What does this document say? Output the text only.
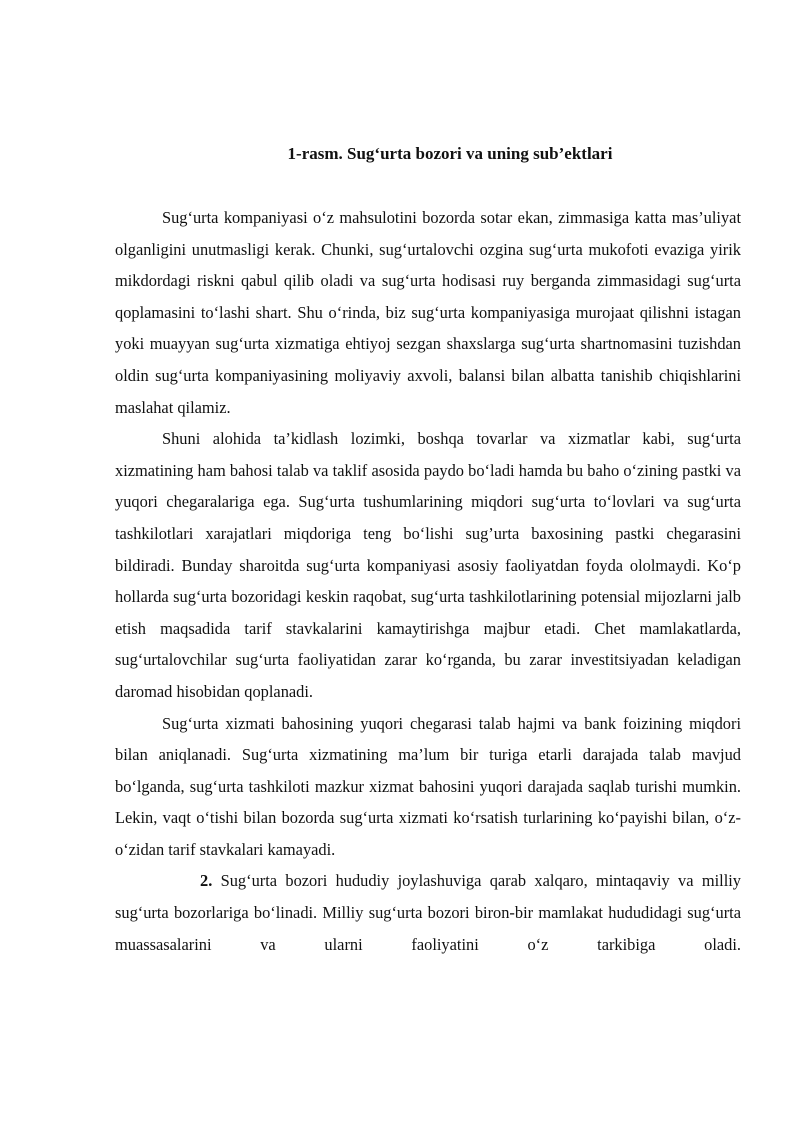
1-rasm. Sug‘urta bozori va uning sub’ektlari

Sug‘urta kompaniyasi o‘z mahsulotini bozorda sotar ekan, zimmasiga katta mas’uliyat olganligini unutmasligi kerak. Chunki, sug‘urtalovchi ozgina sug‘urta mukofoti evaziga yirik mikdordagi riskni qabul qilib oladi va sug‘urta hodisasi ruy berganda zimmasidagi sug‘urta qoplamasini to‘lashi shart. Shu o‘rinda, biz sug‘urta kompaniyasiga murojaat qilishni istagan yoki muayyan sug‘urta xizmatiga ehtiyoj sezgan shaxslarga sug‘urta shartnomasini tuzishdan oldin sug‘urta kompaniyasining moliyaviy axvoli, balansi bilan albatta tanishib chiqishlarini maslahat qilamiz.

Shuni alohida ta’kidlash lozimki, boshqa tovarlar va xizmatlar kabi, sug‘urta xizmatining ham bahosi talab va taklif asosida paydo bo‘ladi hamda bu baho o‘zining pastki va yuqori chegaralariga ega. Sug‘urta tushumlarining miqdori sug‘urta to‘lovlari va sug‘urta tashkilotlari xarajatlari miqdoriga teng bo‘lishi sug’urta baxosining pastki chegarasini bildiradi. Bunday sharoitda sug‘urta kompaniyasi asosiy faoliyatdan foyda ololmaydi. Ko‘p hollarda sug‘urta bozoridagi keskin raqobat, sug‘urta tashkilotlarining potensial mijozlarni jalb etish maqsadida tarif stavkalarini kamaytirishga majbur etadi. Chet mamlakatlarda, sug‘urtalovchilar sug‘urta faoliyatidan zarar ko‘rganda, bu zarar investitsiyadan keladigan daromad hisobidan qoplanadi.

Sug‘urta xizmati bahosining yuqori chegarasi talab hajmi va bank foizining miqdori bilan aniqlanadi. Sug‘urta xizmatining ma’lum bir turiga etarli darajada talab mavjud bo‘lganda, sug‘urta tashkiloti mazkur xizmat bahosini yuqori darajada saqlab turishi mumkin. Lekin, vaqt o‘tishi bilan bozorda sug‘urta xizmati ko‘rsatish turlarining ko‘payishi bilan, o‘z-o‘zidan tarif stavkalari kamayadi.

2. Sug‘urta bozori hududiy joylashuviga qarab xalqaro, mintaqaviy va milliy sug‘urta bozorlariga bo‘linadi. Milliy sug‘urta bozori biron-bir mamlakat hududidagi sug‘urta muassasalarini va ularni faoliyatini o‘z tarkibiga oladi.
